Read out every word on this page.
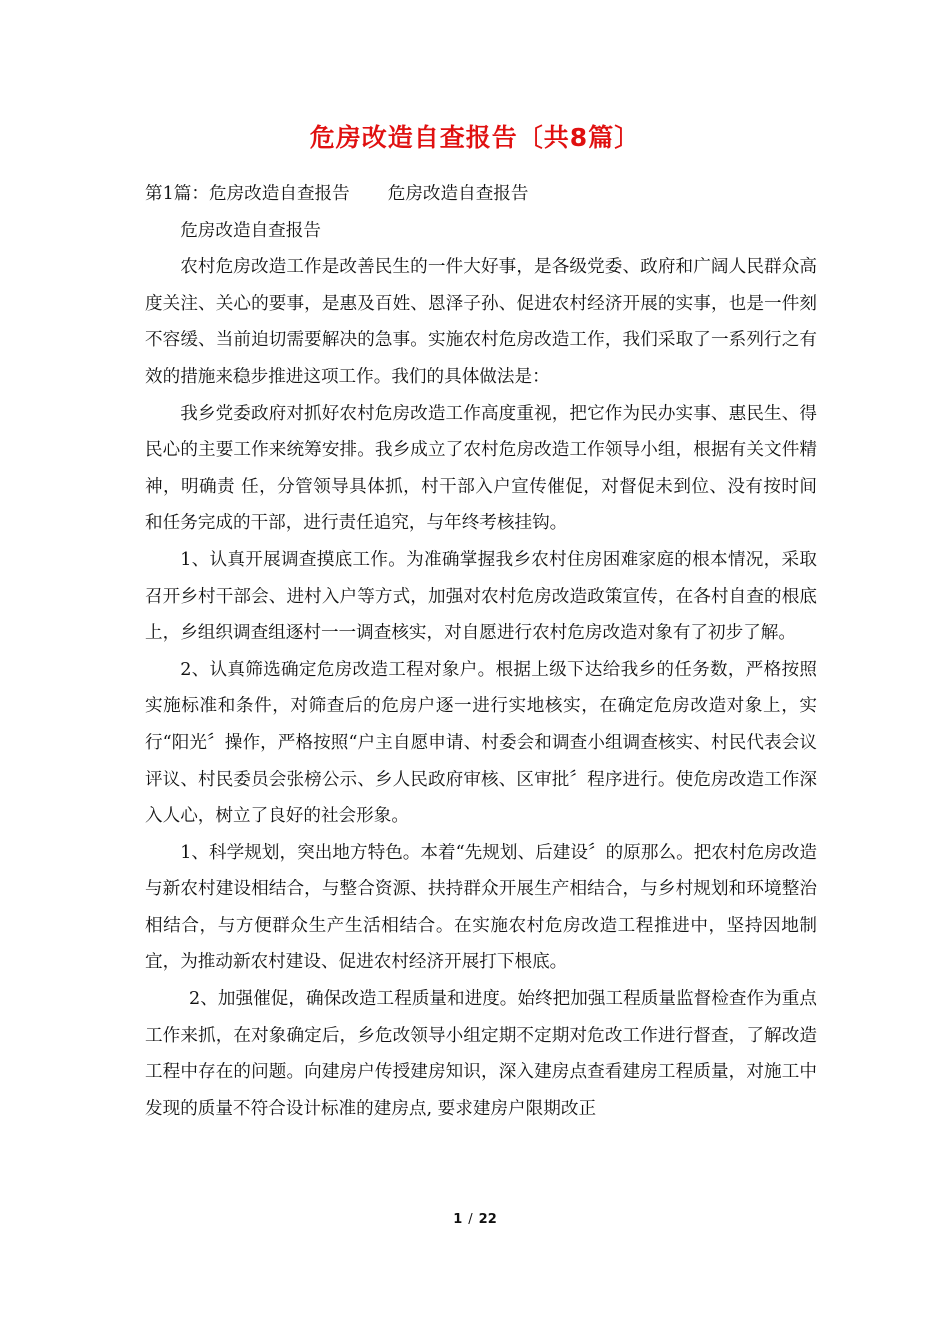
危房改造自查报告〔共8篇〕

第1篇：危房改造自查报告 危房改造自查报告

危房改造自查报告

农村危房改造工作是改善民生的一件大好事，是各级党委、政府和广阔人民群众高度关注、关心的要事，是惠及百姓、恩泽子孙、促进农村经济开展的实事，也是一件刻不容缓、当前迫切需要解决的急事。实施农村危房改造工作，我们采取了一系列行之有效的措施来稳步推进这项工作。我们的具体做法是：

我乡党委政府对抓好农村危房改造工作高度重视，把它作为民办实事、惠民生、得民心的主要工作来统筹安排。我乡成立了农村危房改造工作领导小组，根据有关文件精神，明确责 任，分管领导具体抓，村干部入户宣传催促，对督促未到位、没有按时间和任务完成的干部，进行责任追究，与年终考核挂钩。

1、认真开展调查摸底工作。为准确掌握我乡农村住房困难家庭的根本情况，采取召开乡村干部会、进村入户等方式，加强对农村危房改造政策宣传，在各村自查的根底上，乡组织调查组逐村一一调查核实，对自愿进行农村危房改造对象有了初步了解。

2、认真筛选确定危房改造工程对象户。根据上级下达给我乡的任务数，严格按照实施标准和条件，对筛查后的危房户逐一进行实地核实，在确定危房改造对象上，实行“阳光〞操作，严格按照“户主自愿申请、村委会和调查小组调查核实、村民代表会议评议、村民委员会张榜公示、乡人民政府审核、区审批〞程序进行。使危房改造工作深入人心，树立了良好的社会形象。

1、科学规划，突出地方特色。本着“先规划、后建设〞的原那么。把农村危房改造与新农村建设相结合，与整合资源、扶持群众开展生产相结合，与乡村规划和环境整治相结合，与方便群众生产生活相结合。在实施农村危房改造工程推进中，坚持因地制宜，为推动新农村建设、促进农村经济开展打下根底。

2、加强催促，确保改造工程质量和进度。始终把加强工程质量监督检查作为重点工作来抓，在对象确定后，乡危改领导小组定期不定期对危改工作进行督查，了解改造工程中存在的问题。向建房户传授建房知识，深入建房点查看建房工程质量，对施工中发现的质量不符合设计标准的建房点, 要求建房户限期改正

1 / 22
